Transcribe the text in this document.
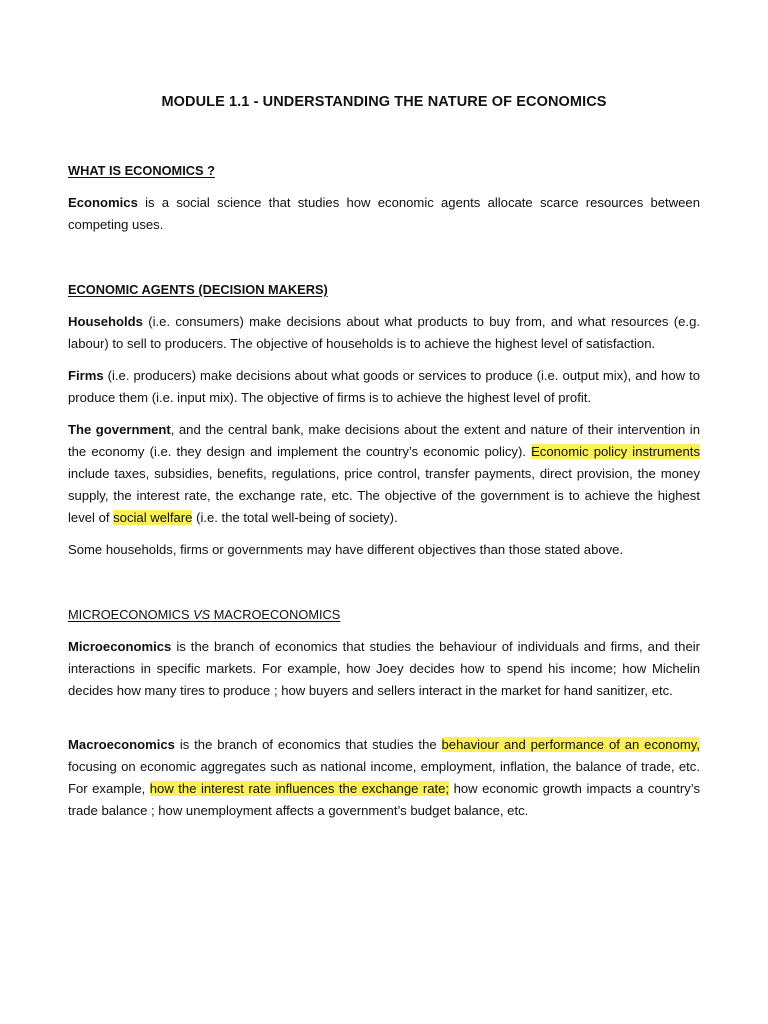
MODULE 1.1 - UNDERSTANDING THE NATURE OF ECONOMICS
WHAT IS ECONOMICS ?
Economics is a social science that studies how economic agents allocate scarce resources between competing uses.
ECONOMIC AGENTS (DECISION MAKERS)
Households (i.e. consumers) make decisions about what products to buy from, and what resources (e.g. labour) to sell to producers. The objective of households is to achieve the highest level of satisfaction.
Firms (i.e. producers) make decisions about what goods or services to produce (i.e. output mix), and how to produce them (i.e. input mix). The objective of firms is to achieve the highest level of profit.
The government, and the central bank, make decisions about the extent and nature of their intervention in the economy (i.e. they design and implement the country’s economic policy). Economic policy instruments include taxes, subsidies, benefits, regulations, price control, transfer payments, direct provision, the money supply, the interest rate, the exchange rate, etc. The objective of the government is to achieve the highest level of social welfare (i.e. the total well-being of society).
Some households, firms or governments may have different objectives than those stated above.
MICROECONOMICS VS MACROECONOMICS
Microeconomics is the branch of economics that studies the behaviour of individuals and firms, and their interactions in specific markets. For example, how Joey decides how to spend his income; how Michelin decides how many tires to produce ; how buyers and sellers interact in the market for hand sanitizer, etc.
Macroeconomics is the branch of economics that studies the behaviour and performance of an economy, focusing on economic aggregates such as national income, employment, inflation, the balance of trade, etc. For example, how the interest rate influences the exchange rate; how economic growth impacts a country’s trade balance ; how unemployment affects a government’s budget balance, etc.
